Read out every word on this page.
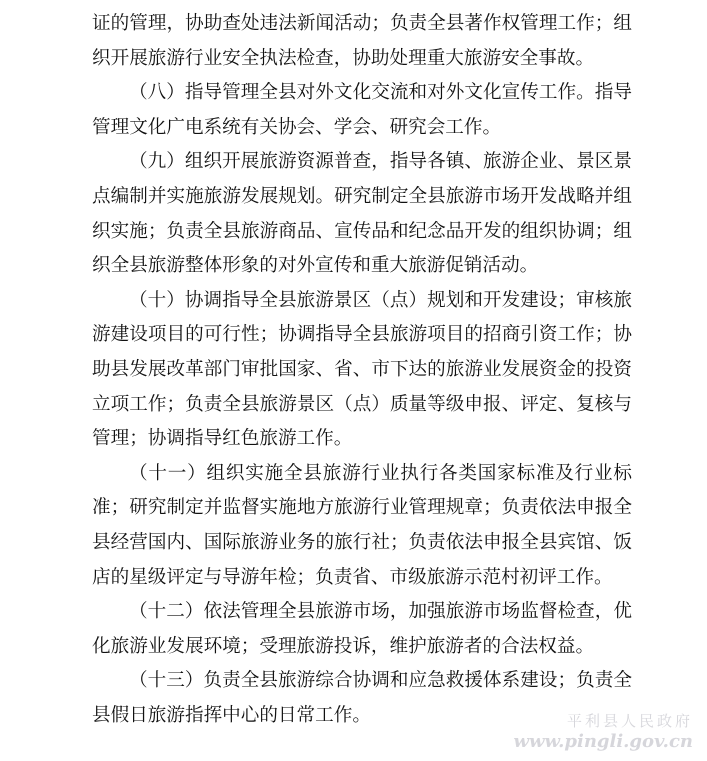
证的管理，协助查处违法新闻活动；负责全县著作权管理工作；组织开展旅游行业安全执法检查，协助处理重大旅游安全事故。

（八）指导管理全县对外文化交流和对外文化宣传工作。指导管理文化广电系统有关协会、学会、研究会工作。

（九）组织开展旅游资源普查，指导各镇、旅游企业、景区景点编制并实施旅游发展规划。研究制定全县旅游市场开发战略并组织实施；负责全县旅游商品、宣传品和纪念品开发的组织协调；组织全县旅游整体形象的对外宣传和重大旅游促销活动。

（十）协调指导全县旅游景区（点）规划和开发建设；审核旅游建设项目的可行性；协调指导全县旅游项目的招商引资工作；协助县发展改革部门审批国家、省、市下达的旅游业发展资金的投资立项工作；负责全县旅游景区（点）质量等级申报、评定、复核与管理；协调指导红色旅游工作。

（十一）组织实施全县旅游行业执行各类国家标准及行业标准；研究制定并监督实施地方旅游行业管理规章；负责依法申报全县经营国内、国际旅游业务的旅行社；负责依法申报全县宾馆、饭店的星级评定与导游年检；负责省、市级旅游示范村初评工作。

（十二）依法管理全县旅游市场，加强旅游市场监督检查，优化旅游业发展环境；受理旅游投诉，维护旅游者的合法权益。

（十三）负责全县旅游综合协调和应急救援体系建设；负责全县假日旅游指挥中心的日常工作。	平利县人民政府
www.pingli.gov.cn
